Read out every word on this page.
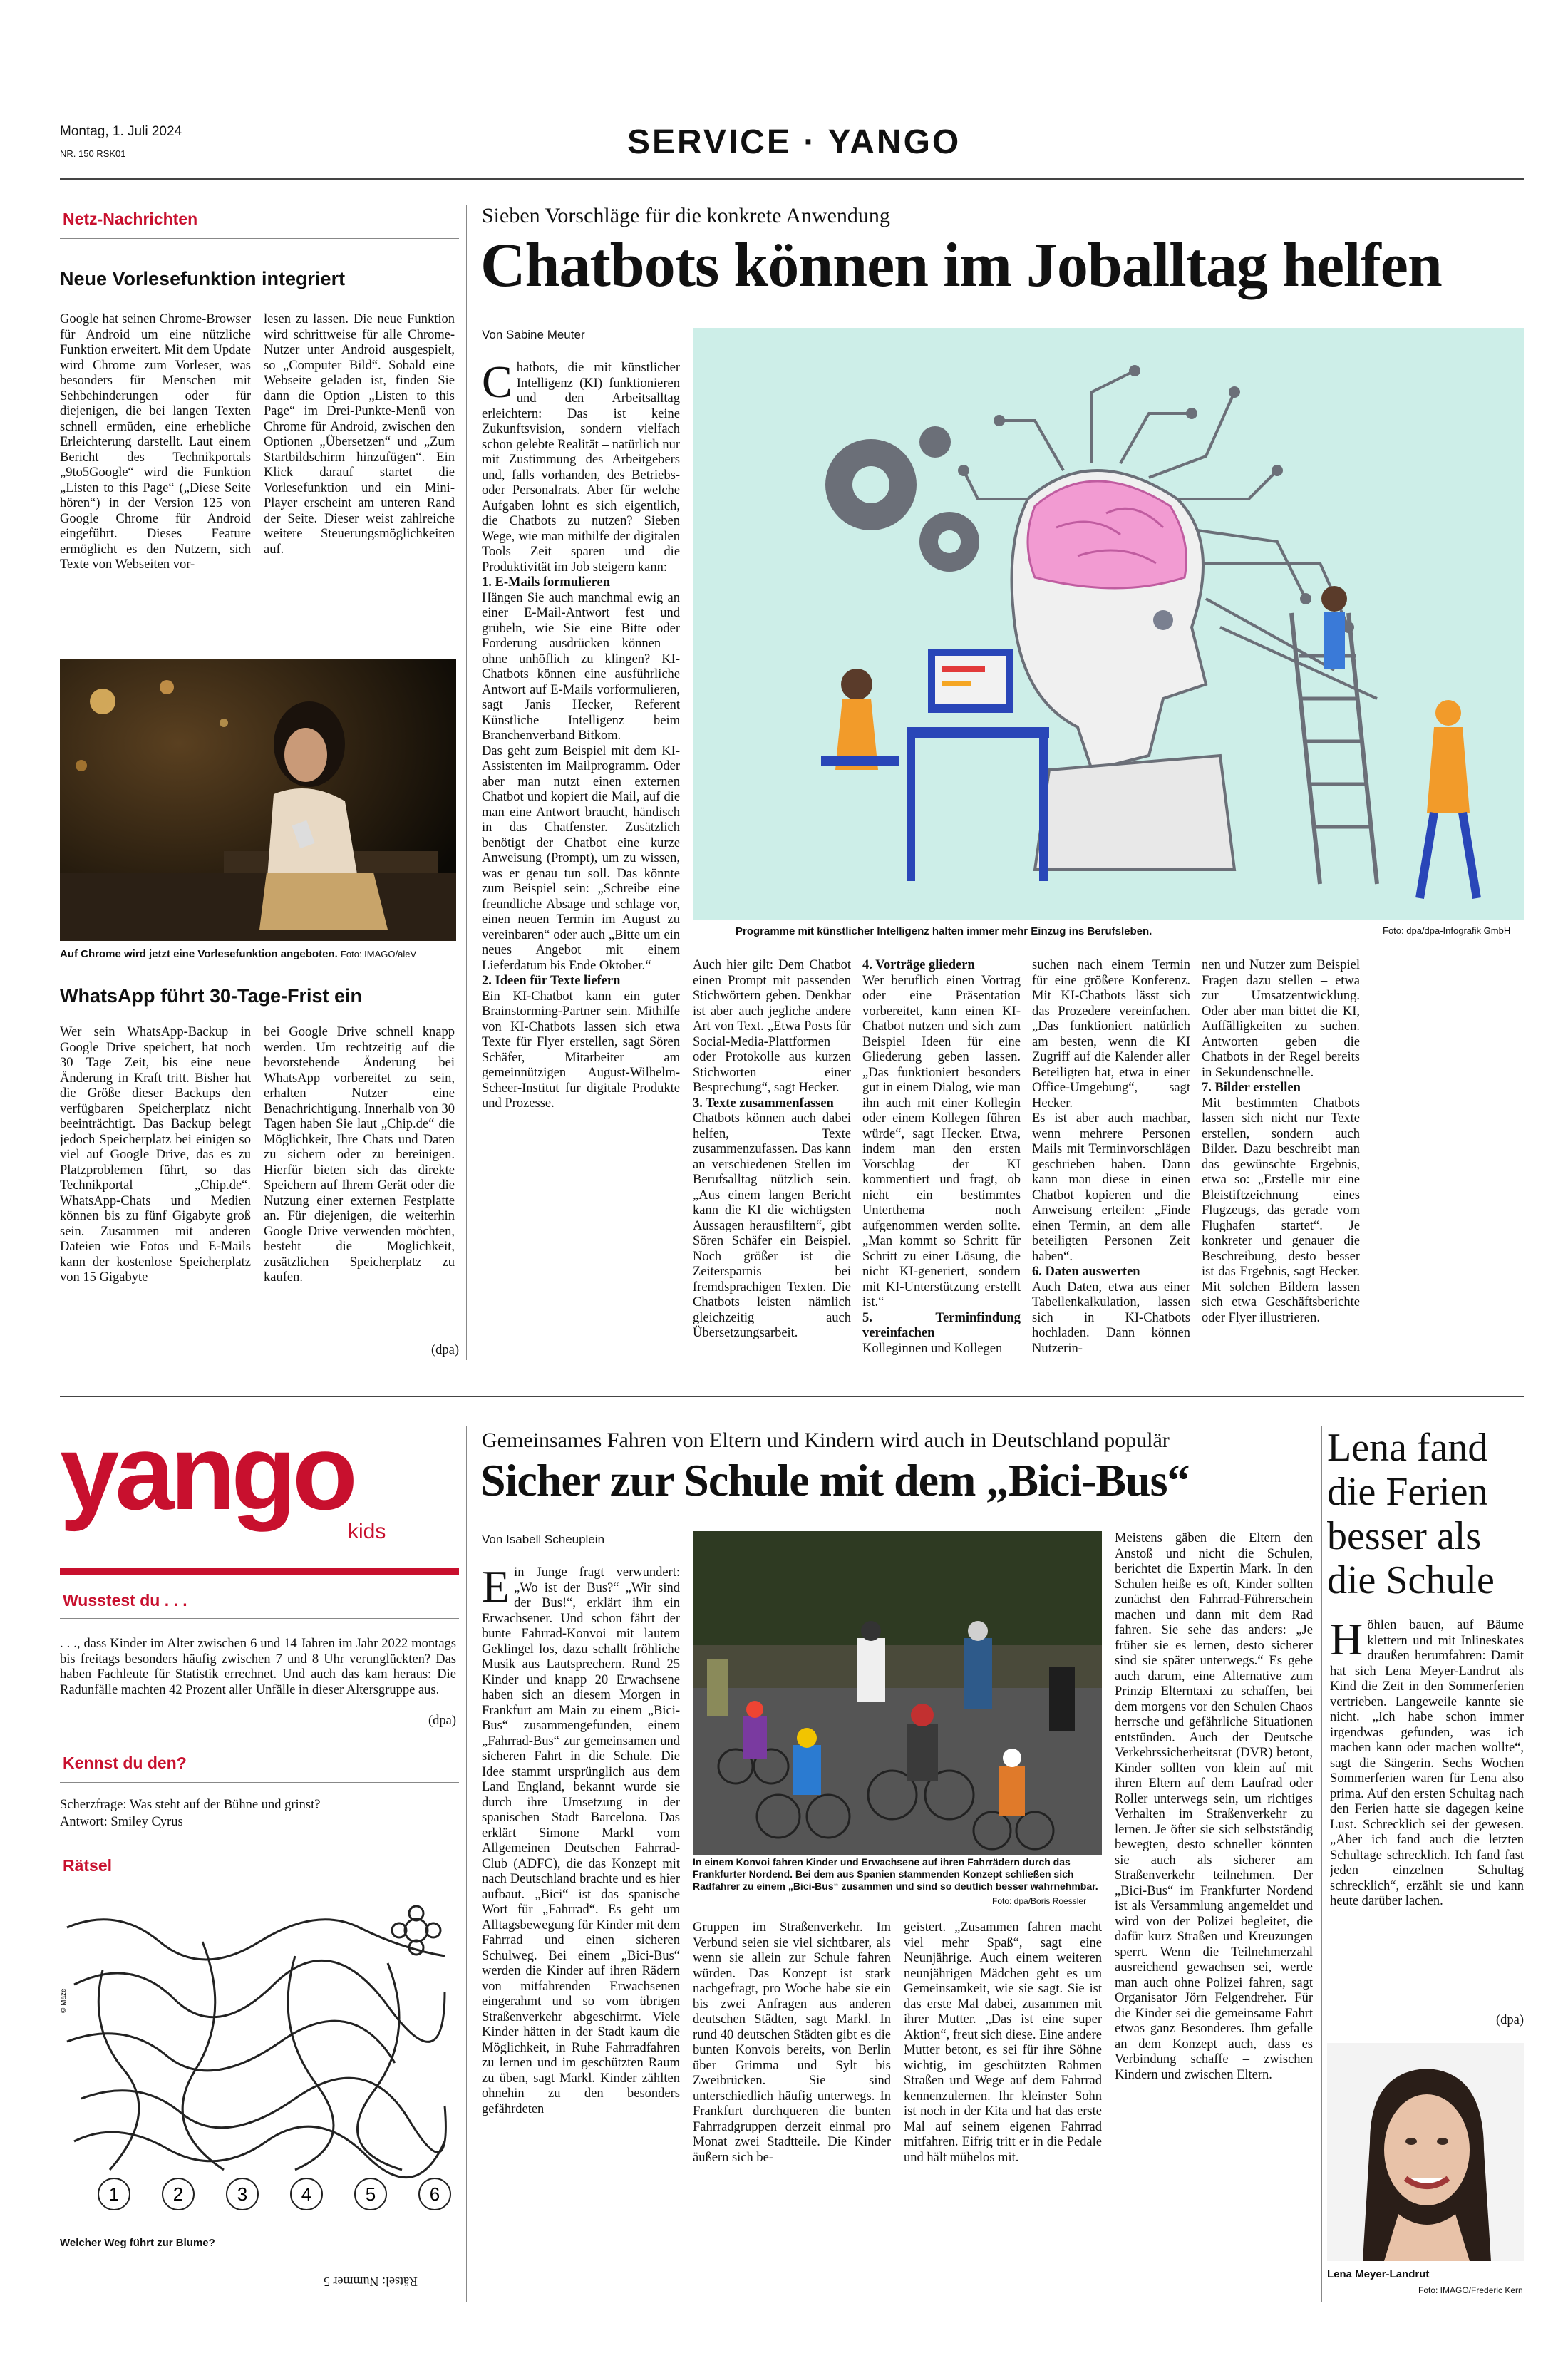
Montag, 1. Juli 2024
NR. 150 RSK01	SERVICE · YANGO
Netz-Nachrichten
Neue Vorlesefunktion integriert
Google hat seinen Chrome-Browser für Android um eine nützliche Funktion erweitert. Mit dem Update wird Chrome zum Vorleser, was besonders für Menschen mit Sehbehinderungen oder für diejenigen, die bei langen Texten schnell ermüden, eine erhebliche Erleichterung darstellt. Laut einem Bericht des Technikportals „9to5Google“ wird die Funktion „Listen to this Page“ („Diese Seite hören“) in der Version 125 von Google Chrome für Android eingeführt. Dieses Feature ermöglicht es den Nutzern, sich Texte von Webseiten vor-
lesen zu lassen. Die neue Funktion wird schrittweise für alle Chrome-Nutzer unter Android ausgespielt, so „Computer Bild“. Sobald eine Webseite geladen ist, finden Sie dann die Option „Listen to this Page“ im Drei-Punkte-Menü von Chrome für Android, zwischen den Optionen „Übersetzen“ und „Zum Startbildschirm hinzufügen“. Ein Klick darauf startet die Vorlesefunktion und ein Mini-Player erscheint am unteren Rand der Seite. Dieser weist zahlreiche weitere Steuerungsmöglichkeiten auf.
Auf Chrome wird jetzt eine Vorlesefunktion angeboten. Foto: IMAGO/aleV
WhatsApp führt 30-Tage-Frist ein
Wer sein WhatsApp-Backup in Google Drive speichert, hat noch 30 Tage Zeit, bis eine neue Änderung in Kraft tritt. Bisher hat die Größe dieser Backups den verfügbaren Speicherplatz nicht beeinträchtigt. Das Backup belegt jedoch Speicherplatz bei einigen so viel auf Google Drive, das es zu Platzproblemen führt, so das Technikportal „Chip.de“. WhatsApp-Chats und Medien können bis zu fünf Gigabyte groß sein. Zusammen mit anderen Dateien wie Fotos und E-Mails kann der kostenlose Speicherplatz von 15 Gigabyte
bei Google Drive schnell knapp werden. Um rechtzeitig auf die bevorstehende Änderung bei WhatsApp vorbereitet zu sein, erhalten Nutzer eine Benachrichtigung. Innerhalb von 30 Tagen haben Sie laut „Chip.de“ die Möglichkeit, Ihre Chats und Daten zu sichern oder zu bereinigen. Hierfür bieten sich das direkte Speichern auf Ihrem Gerät oder die Nutzung einer externen Festplatte an. Für diejenigen, die weiterhin Google Drive verwenden möchten, besteht die Möglichkeit, zusätzlichen Speicherplatz zu kaufen.
(dpa)
Sieben Vorschläge für die konkrete Anwendung
Chatbots können im Joballtag helfen
Von Sabine Meuter
C hatbots, die mit künstlicher Intelligenz (KI) funktionieren und den Arbeitsalltag erleichtern: Das ist keine Zukunftsvision, sondern vielfach schon gelebte Realität – natürlich nur mit Zustimmung des Arbeitgebers und, falls vorhanden, des Betriebs- oder Personalrats. Aber für welche Aufgaben lohnt es sich eigentlich, die Chatbots zu nutzen? Sieben Wege, wie man mithilfe der digitalen Tools Zeit sparen und die Produktivität im Job steigern kann:

1. E-Mails formulieren

Hängen Sie auch manchmal ewig an einer E-Mail-Antwort fest und grübeln, wie Sie eine Bitte oder Forderung ausdrücken können – ohne unhöflich zu klingen? KI-Chatbots können eine ausführliche Antwort auf E-Mails vorformulieren, sagt Janis Hecker, Referent Künstliche Intelligenz beim Branchenverband Bitkom.

Das geht zum Beispiel mit dem KI-Assistenten im Mailprogramm. Oder aber man nutzt einen externen Chatbot und kopiert die Mail, auf die man eine Antwort braucht, händisch in das Chatfenster. Zusätzlich benötigt der Chatbot eine kurze Anweisung (Prompt), um zu wissen, was er genau tun soll. Das könnte zum Beispiel sein: „Schreibe eine freundliche Absage und schlage vor, einen neuen Termin im August zu vereinbaren“ oder auch „Bitte um ein neues Angebot mit einem Lieferdatum bis Ende Oktober.“

2. Ideen für Texte liefern

Ein KI-Chatbot kann ein guter Brainstorming-Partner sein. Mithilfe von KI-Chatbots lassen sich etwa Texte für Flyer erstellen, sagt Sören Schäfer, Mitarbeiter am gemeinnützigen August-Wilhelm-Scheer-Institut für digitale Produkte und Prozesse.

Programme mit künstlicher Intelligenz halten immer mehr Einzug ins Berufsleben.	Foto: dpa/dpa-Infografik GmbH

Auch hier gilt: Dem Chatbot einen Prompt mit passenden Stichwörtern geben. Denkbar ist aber auch jegliche andere Art von Text. „Etwa Posts für Social-Media-Plattformen oder Protokolle aus kurzen Stichworten einer Besprechung“, sagt Hecker.

3. Texte zusammenfassen

Chatbots können auch dabei helfen, Texte zusammenzufassen. Das kann an verschiedenen Stellen im Berufsalltag nützlich sein. „Aus einem langen Bericht kann die KI die wichtigsten Aussagen herausfiltern“, gibt Sören Schäfer ein Beispiel. Noch größer ist die Zeitersparnis bei fremdsprachigen Texten. Die Chatbots leisten nämlich gleichzeitig auch Übersetzungsarbeit.

4. Vorträge gliedern

Wer beruflich einen Vortrag oder eine Präsentation vorbereitet, kann einen KI-Chatbot nutzen und sich zum Beispiel Ideen für eine Gliederung geben lassen. „Das funktioniert besonders gut in einem Dialog, wie man ihn auch mit einer Kollegin oder einem Kollegen führen würde“, sagt Hecker. Etwa, indem man den ersten Vorschlag der KI kommentiert und fragt, ob nicht ein bestimmtes Unterthema noch aufgenommen werden sollte. „Man kommt so Schritt für Schritt zu einer Lösung, die nicht KI-generiert, sondern mit KI-Unterstützung erstellt ist.“

5. Terminfindung vereinfachen

Kolleginnen und Kollegen

suchen nach einem Termin für eine größere Konferenz. Mit KI-Chatbots lässt sich das Prozedere vereinfachen. „Das funktioniert natürlich am besten, wenn die KI Zugriff auf die Kalender aller Beteiligten hat, etwa in einer Office-Umgebung“, sagt Hecker.

Es ist aber auch machbar, wenn mehrere Personen Mails mit Terminvorschlägen geschrieben haben. Dann kann man diese in einen Chatbot kopieren und die Anweisung erteilen: „Finde einen Termin, an dem alle beteiligten Personen Zeit haben“.

6. Daten auswerten

Auch Daten, etwa aus einer Tabellenkalkulation, lassen sich in KI-Chatbots hochladen. Dann können Nutzerin-

nen und Nutzer zum Beispiel Fragen dazu stellen – etwa zur Umsatzentwicklung. Oder aber man bittet die KI, Auffälligkeiten zu suchen. Antworten geben die Chatbots in der Regel bereits in Sekundenschnelle.

7. Bilder erstellen

Mit bestimmten Chatbots lassen sich nicht nur Texte erstellen, sondern auch Bilder. Dazu beschreibt man das gewünschte Ergebnis, etwa so: „Erstelle mir eine Bleistiftzeichnung eines Flugzeugs, das gerade vom Flughafen startet“. Je konkreter und genauer die Beschreibung, desto besser ist das Ergebnis, sagt Hecker. Mit solchen Bildern lassen sich etwa Geschäftsberichte oder Flyer illustrieren.

yango
kids
Wusstest du . . .
. . ., dass Kinder im Alter zwischen 6 und 14 Jahren im Jahr 2022 montags bis freitags besonders häufig zwischen 7 und 8 Uhr verunglückten? Das haben Fachleute für Statistik errechnet. Und auch das kam heraus: Die Radunfälle machten 42 Prozent aller Unfälle in dieser Altersgruppe aus.
(dpa)
Kennst du den?
Scherzfrage: Was steht auf der Bühne und grinst?
Antwort: Smiley Cyrus
Rätsel
© Maze
1	2	3	4	5	6
Welcher Weg führt zur Blume?
Rätsel: Nummer 5
Gemeinsames Fahren von Eltern und Kindern wird auch in Deutschland populär
Sicher zur Schule mit dem „Bici-Bus“
Von Isabell Scheuplein
E in Junge fragt verwundert: „Wo ist der Bus?“ „Wir sind der Bus!“, erklärt ihm ein Erwachsener. Und schon fährt der bunte Fahrrad-Konvoi mit lautem Geklingel los, dazu schallt fröhliche Musik aus Lautsprechern. Rund 25 Kinder und knapp 20 Erwachsene haben sich an diesem Morgen in Frankfurt am Main zu einem „Bici-Bus“ zusammengefunden, einem „Fahrrad-Bus“ zur gemeinsamen und sicheren Fahrt in die Schule. Die Idee stammt ursprünglich aus dem Land England, bekannt wurde sie durch ihre Umsetzung in der spanischen Stadt Barcelona. Das erklärt Simone Markl vom Allgemeinen Deutschen Fahrrad-Club (ADFC), die das Konzept mit nach Deutschland brachte und es hier aufbaut. „Bici“ ist das spanische Wort für „Fahrrad“. Es geht um Alltagsbewegung für Kinder mit dem Fahrrad und einen sicheren Schulweg. Bei einem „Bici-Bus“ werden die Kinder auf ihren Rädern von mitfahrenden Erwachsenen eingerahmt und so vom übrigen Straßenverkehr abgeschirmt. Viele Kinder hätten in der Stadt kaum die Möglichkeit, in Ruhe Fahrradfahren zu lernen und im geschützten Raum zu üben, sagt Markl. Kinder zählten ohnehin zu den besonders gefährdeten

In einem Konvoi fahren Kinder und Erwachsene auf ihren Fahrrädern durch das Frankfurter Nordend. Bei dem aus Spanien stammenden Konzept schließen sich Radfahrer zu einem „Bici-Bus“ zusammen und sind so deutlich besser wahrnehmbar.
Foto: dpa/Boris Roessler
Gruppen im Straßenverkehr. Im Verbund seien sie viel sichtbarer, als wenn sie allein zur Schule fahren würden. Das Konzept ist stark nachgefragt, pro Woche habe sie ein bis zwei Anfragen aus anderen deutschen Städten, sagt Markl. In rund 40 deutschen Städten gibt es die bunten Konvois bereits, von Berlin über Grimma und Sylt bis Zweibrücken. Sie sind unterschiedlich häufig unterwegs. In Frankfurt durchqueren die bunten Fahrradgruppen derzeit einmal pro Monat zwei Stadtteile. Die Kinder äußern sich be-
geistert. „Zusammen fahren macht viel mehr Spaß“, sagt eine Neunjährige. Auch einem weiteren neunjährigen Mädchen geht es um Gemeinsamkeit, wie sie sagt. Sie ist das erste Mal dabei, zusammen mit ihrer Mutter. „Das ist eine super Aktion“, freut sich diese. Eine andere Mutter betont, es sei für ihre Söhne wichtig, im geschützten Rahmen Straßen und Wege auf dem Fahrrad kennenzulernen. Ihr kleinster Sohn ist noch in der Kita und hat das erste Mal auf seinem eigenen Fahrrad mitfahren. Eifrig tritt er in die Pedale und hält mühelos mit.
Meistens gäben die Eltern den Anstoß und nicht die Schulen, berichtet die Expertin Mark. In den Schulen heiße es oft, Kinder sollten zunächst den Fahrrad-Führerschein machen und dann mit dem Rad fahren. Sie sehe das anders: „Je früher sie es lernen, desto sicherer sind sie später unterwegs.“ Es gehe auch darum, eine Alternative zum Prinzip Elterntaxi zu schaffen, bei dem morgens vor den Schulen Chaos herrsche und gefährliche Situationen entstünden. Auch der Deutsche Verkehrssicherheitsrat (DVR) betont, Kinder sollten von klein auf mit ihren Eltern auf dem Laufrad oder Roller unterwegs sein, um richtiges Verhalten im Straßenverkehr zu lernen. Je öfter sie sich selbstständig bewegten, desto schneller könnten sie auch als sicherer am Straßenverkehr teilnehmen. Der „Bici-Bus“ im Frankfurter Nordend ist als Versammlung angemeldet und wird von der Polizei begleitet, die dafür kurz Straßen und Kreuzungen sperrt. Wenn die Teilnehmerzahl ausreichend gewachsen sei, werde man auch ohne Polizei fahren, sagt Organisator Jörn Felgendreher. Für die Kinder sei die gemeinsame Fahrt etwas ganz Besonderes. Ihm gefalle an dem Konzept auch, dass es Verbindung schaffe – zwischen Kindern und zwischen Eltern.
Lena fand die Ferien besser als die Schule
H öhlen bauen, auf Bäume klettern und mit Inlineskates draußen herumfahren: Damit hat sich Lena Meyer-Landrut als Kind die Zeit in den Sommerferien vertrieben. Langeweile kannte sie nicht. „Ich habe schon immer irgendwas gefunden, was ich machen kann oder machen wollte“, sagt die Sängerin. Sechs Wochen Sommerferien waren für Lena also prima. Auf den ersten Schultag nach den Ferien hatte sie dagegen keine Lust. Schrecklich sei der gewesen. „Aber ich fand auch die letzten Schultage schrecklich. Ich fand fast jeden einzelnen Schultag schrecklich“, erzählt sie und kann heute darüber lachen.

(dpa)
Lena Meyer-Landrut
Foto: IMAGO/Frederic Kern
